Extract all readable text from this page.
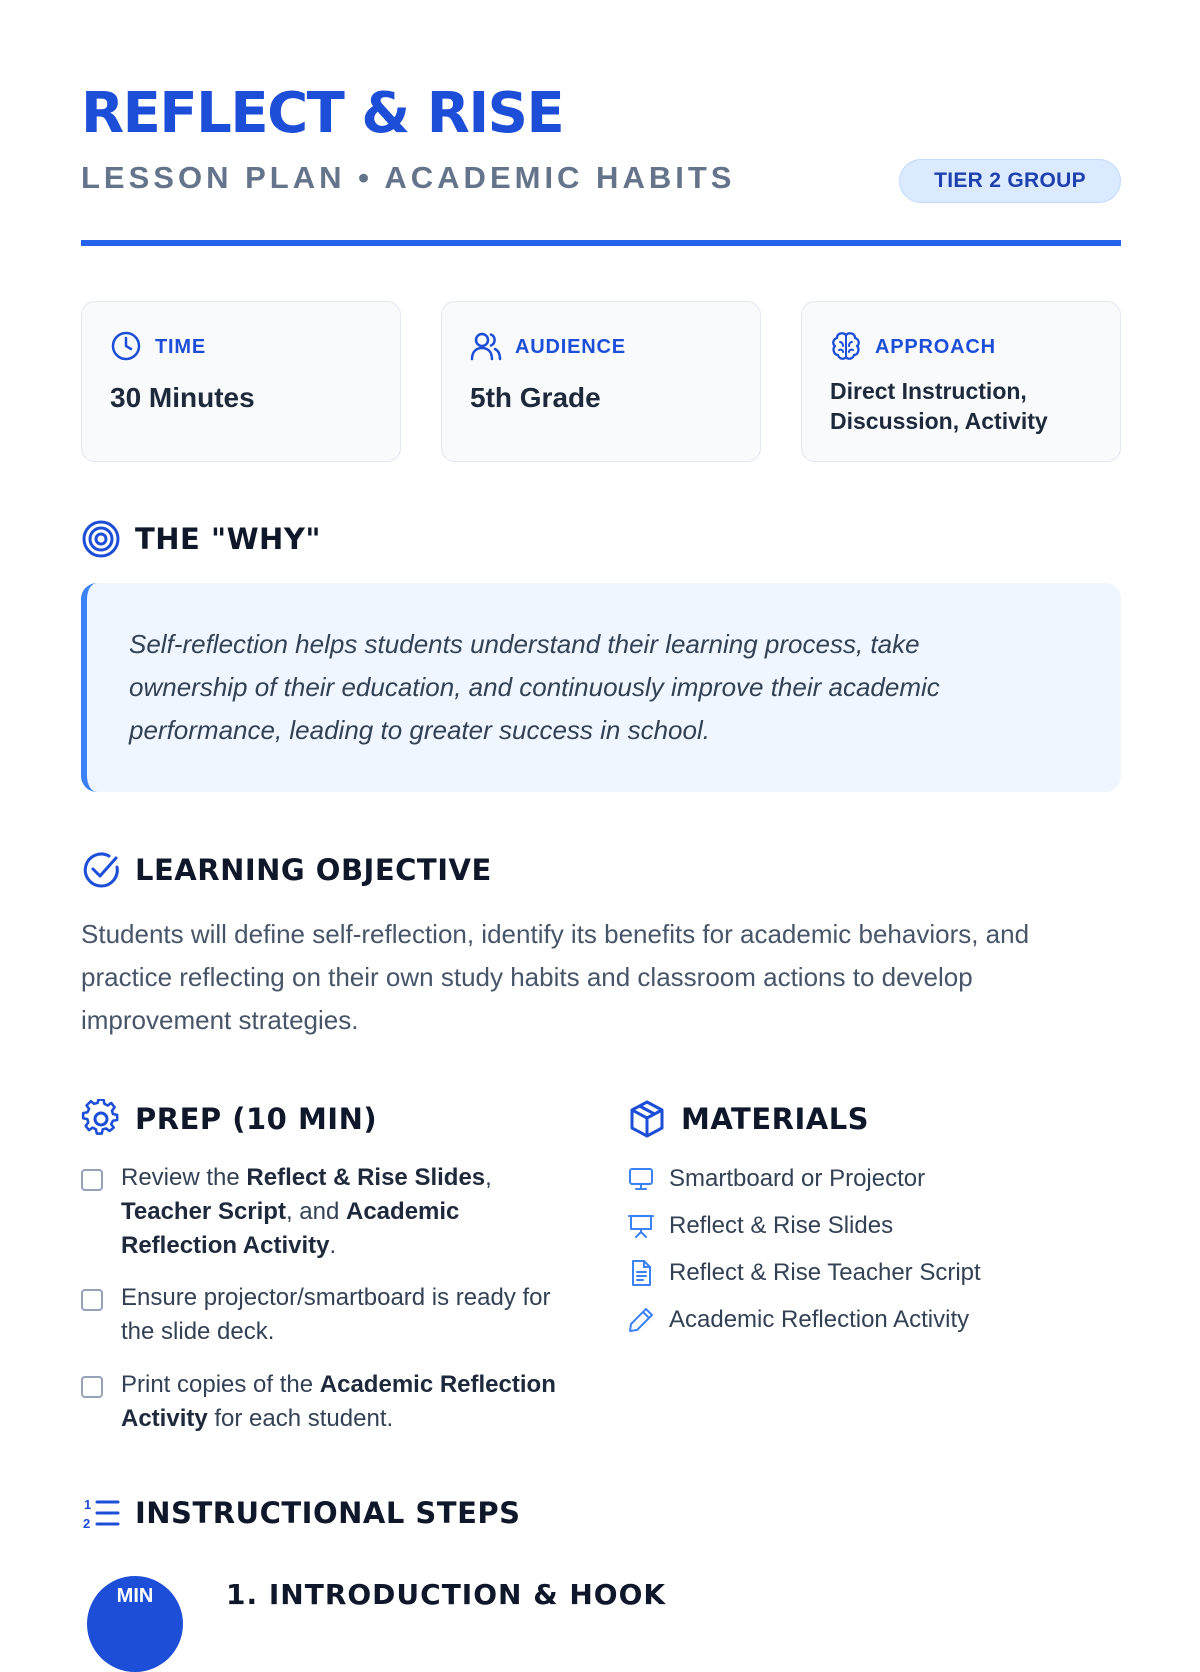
REFLECT & RISE
LESSON PLAN • ACADEMIC HABITS	TIER 2 GROUP
TIME
30 Minutes
AUDIENCE
5th Grade
APPROACH
Direct Instruction, Discussion, Activity
THE "WHY"
Self-reflection helps students understand their learning process, take ownership of their education, and continuously improve their academic performance, leading to greater success in school.
LEARNING OBJECTIVE
Students will define self-reflection, identify its benefits for academic behaviors, and practice reflecting on their own study habits and classroom actions to develop improvement strategies.
PREP (10 MIN)	MATERIALS
Review the Reflect & Rise Slides, Teacher Script, and Academic Reflection Activity.
Ensure projector/smartboard is ready for the slide deck.
Print copies of the Academic Reflection Activity for each student.
Smartboard or Projector
Reflect & Rise Slides
Reflect & Rise Teacher Script
Academic Reflection Activity
1
2 INSTRUCTIONAL STEPS
MIN	1. INTRODUCTION & HOOK
